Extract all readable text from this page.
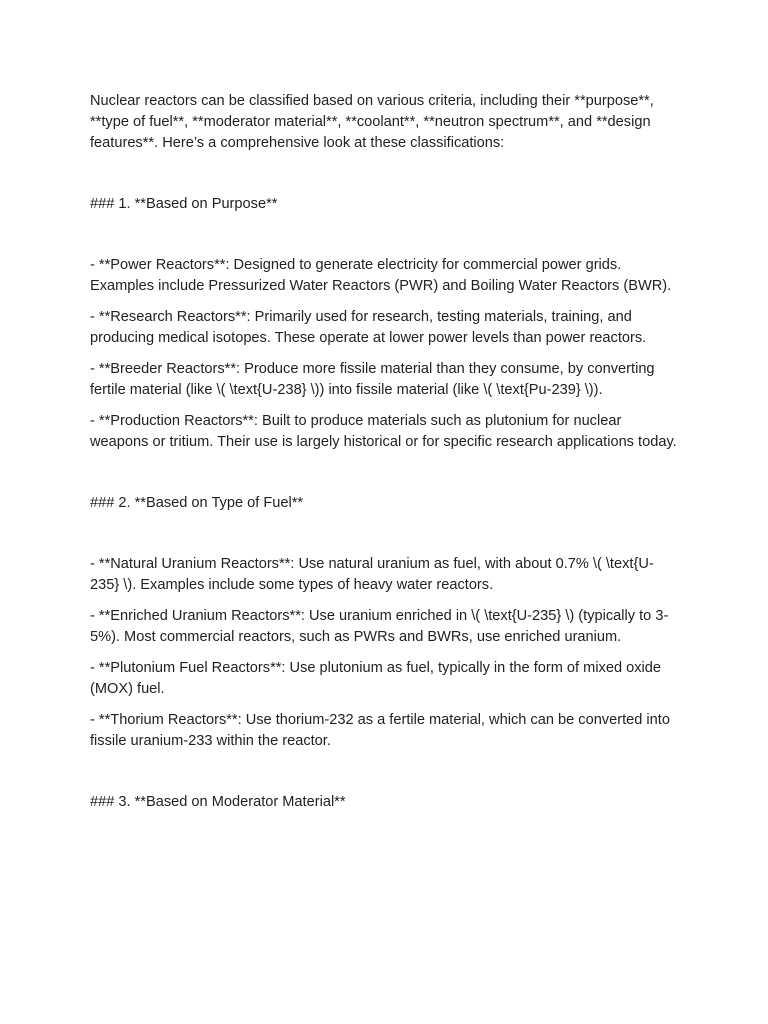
Nuclear reactors can be classified based on various criteria, including their **purpose**, **type of fuel**, **moderator material**, **coolant**, **neutron spectrum**, and **design features**. Here’s a comprehensive look at these classifications:

### 1. **Based on Purpose**

- **Power Reactors**: Designed to generate electricity for commercial power grids. Examples include Pressurized Water Reactors (PWR) and Boiling Water Reactors (BWR).

- **Research Reactors**: Primarily used for research, testing materials, training, and producing medical isotopes. These operate at lower power levels than power reactors.

- **Breeder Reactors**: Produce more fissile material than they consume, by converting fertile material (like \( \text{U-238} \)) into fissile material (like \( \text{Pu-239} \)).

- **Production Reactors**: Built to produce materials such as plutonium for nuclear weapons or tritium. Their use is largely historical or for specific research applications today.

### 2. **Based on Type of Fuel**

- **Natural Uranium Reactors**: Use natural uranium as fuel, with about 0.7% \( \text{U-235} \). Examples include some types of heavy water reactors.

- **Enriched Uranium Reactors**: Use uranium enriched in \( \text{U-235} \) (typically to 3-5%). Most commercial reactors, such as PWRs and BWRs, use enriched uranium.

- **Plutonium Fuel Reactors**: Use plutonium as fuel, typically in the form of mixed oxide (MOX) fuel.

- **Thorium Reactors**: Use thorium-232 as a fertile material, which can be converted into fissile uranium-233 within the reactor.

### 3. **Based on Moderator Material**
